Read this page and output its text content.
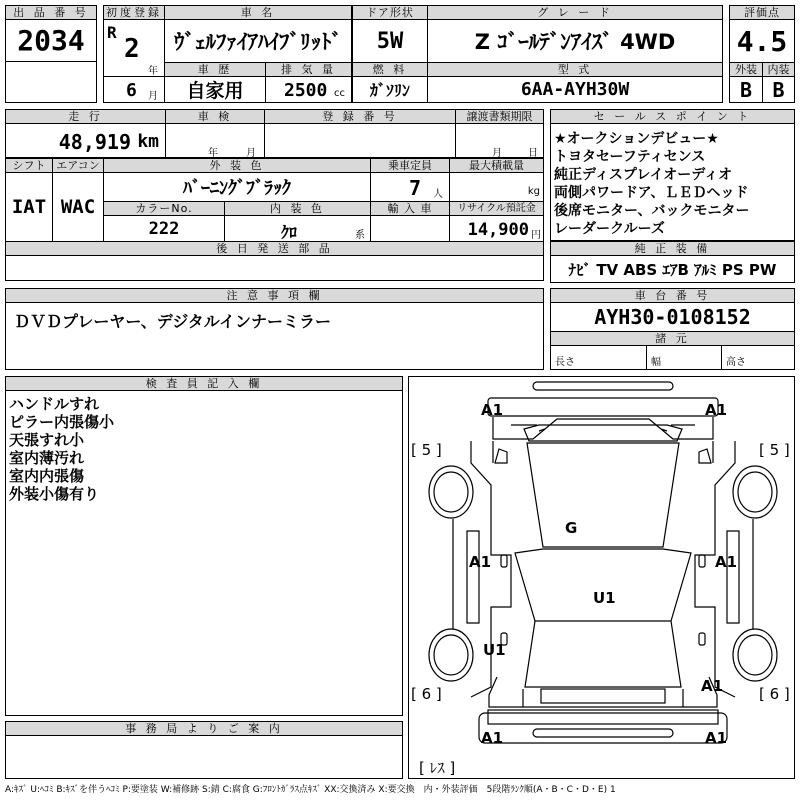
出 品 番 号
2034
初度登録
R
2
年
6 月
車 名
ｳﾞｪﾙﾌｧｲｱﾊｲﾌﾞﾘｯﾄﾞ
ドア形状
5W
グ レ ー ド
Z ｺﾞｰﾙﾃﾞﾝｱｲｽﾞ 4WD
評価点
4.5
外装 内装
B	B
車 歴
自家用
排 気 量
2500 cc
燃 料
ｶﾞｿﾘﾝ
型 式
6AA-AYH30W
走 行
48,919 km
車 検
年	月
登 録 番 号	譲渡書類期限
月	日
シフト エアコン
IAT WAC
外 装 色
ﾊﾞｰﾆﾝｸﾞﾌﾞﾗｯｸ
乗車定員
7 人
最大積載量
kg
カラーNo.
222
内 装 色
ｸﾛ	系
輸 入 車	リサイクル預託金
14,900 円
後 日 発 送 部 品
セ ー ル ス ポ イ ン ト
★オークションデビュー★
トヨタセーフティセンス
純正ディスプレイオーディオ
両側パワードア、ＬＥＤヘッド
後席モニター、バックモニター
レーダークルーズ
純 正 装 備
ﾅﾋﾞ TV ABS ｴｱB ｱﾙﾐ PS PW
注 意 事 項 欄
ＤＶＤプレーヤー、デジタルインナーミラー
車 台 番 号
AYH30-0108152
諸 元
長さ	幅	高さ
検 査 員 記 入 欄
ハンドルすれ
ピラー内張傷小
天張すれ小
室内薄汚れ
室内内張傷
外装小傷有り
事 務 局 よ り ご 案 内
A1	A1
A1	A1
G
U1
U1
A1
A1	A1
[ 5 ]	[ 5 ]
[ 6 ]	[ 6 ]
[ ﾚｽ ]
A:ｷｽﾞ U:ﾍｺﾐ B:ｷｽﾞを伴うﾍｺﾐ P:要塗装 W:補修跡 S:錆 C:腐食 G:ﾌﾛﾝﾄｶﾞﾗｽ点ｷｽﾞ XX:交換済み X:要交換　内・外装評価　5段階ﾗﾝｸ順(A・B・C・D・E) 1
